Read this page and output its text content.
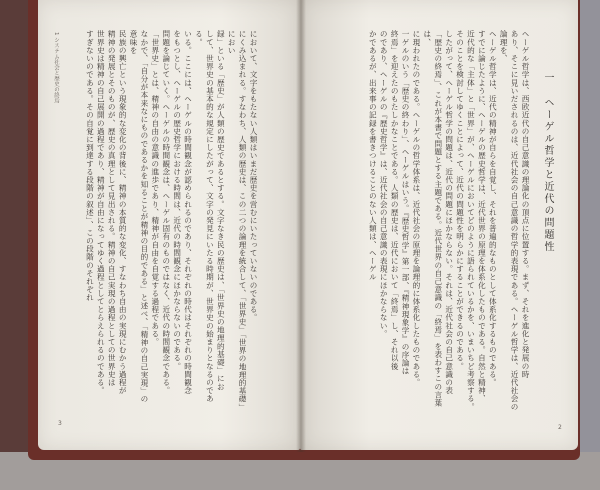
1 システム社会と歴史の終焉	において、文字をもたない人類はいまだ歴史を営むにいたっていないのである。
にくみ込まれる。すなわち、人類の歴史は、この二つの論理を統合して、「世界史」「世界の地理的基礎」におい
録」といる「歴史」が人類の歴史であるとする。文字なき民の歴史は、「世界史の地理的基礎」にお
して、世界史の基本的な規定にしたがって、文字の発見にいたる時期が、世界史の始まりとなるのである。
いる。ここには、ヘーゲルの時間観念が認められるのであり、それぞれの時代はそれぞれの時間観念
をもつとし、ヘーゲルの歴史哲学における時間は、近代の時間観念にほかならないのである。
問題を論じていく。ヘーゲルの時間観念は、ヘーゲル固有のものではなく、近代の時間観念である。
「世界史」とは、精神の自由の意識の進歩であり、精神が自由を自覚する過程である。
なかで、「自分が本来なにものであるかを知ることが精神の目的である」と述べ、「精神の自己実現」の意味を
民族の興亡という現象的な変化の背後に、精神の本質的な変化、すなわち自由の実現にむかう過程が
精神の発展とそのものが、歴史の真理として見出される。精神の自己実現の過程としての世界史は
世界史は精神の自己展開の過程であり、精神が自由になってゆく過程としてとらえられるのである。
すぎないのである。その自覚に到達する段階の叙述」、この段階のそれぞれ
3
一 ヘーゲル哲学と近代の問題性
ヘーゲル哲学は、西欧近代の自己意識の理論化の頂点に位置する。まず、それを進化と発展の時
あり、そこに見いだされるのは、近代社会の自己意識の哲学的表現である。ヘーゲル哲学は、近代社会の論理を、
ヘーゲル哲学は、近代の精神が自らを自覚し、それを普遍的なものとして体系化するものである。
すでに論じたように、ヘーゲルの歴史哲学は、近代世界の原理を体系化したものである。自然と精神、
近代的な「主体」と「世界」が、ヘーゲルにおいてどのように語られているかを、いまいちど考察する。
そのことを検討してゆくことによって、近代の問題性を明らかにすることができるのである。
したがって、ヘーゲル哲学の問題は、近代の問題にほかならない。それは、近代社会の自己意識の表
「歴史の終焉」、これが本書で問題とする主題である。近代世界の自己意識の「終焉」を表わすこの言葉は、
に現われたのである。ヘーゲルの哲学体系は、近代社会の原理を論理的に体系化したものである。
一ゲルのいう「歴史の終わり」、ヘーゲルはいう。『歴史哲学』第一部、『精神現象学』の序論は
終焉」を迎えたのもたしかなことである。人類の歴史は、近代において「終焉」し、それ以後
のであり、ヘーゲルの『歴史哲学』は、近代社会の自己意識の表現にほかならない。
かであるが、出来事の記録を書きつけることのない人類は、ヘーゲル
2
